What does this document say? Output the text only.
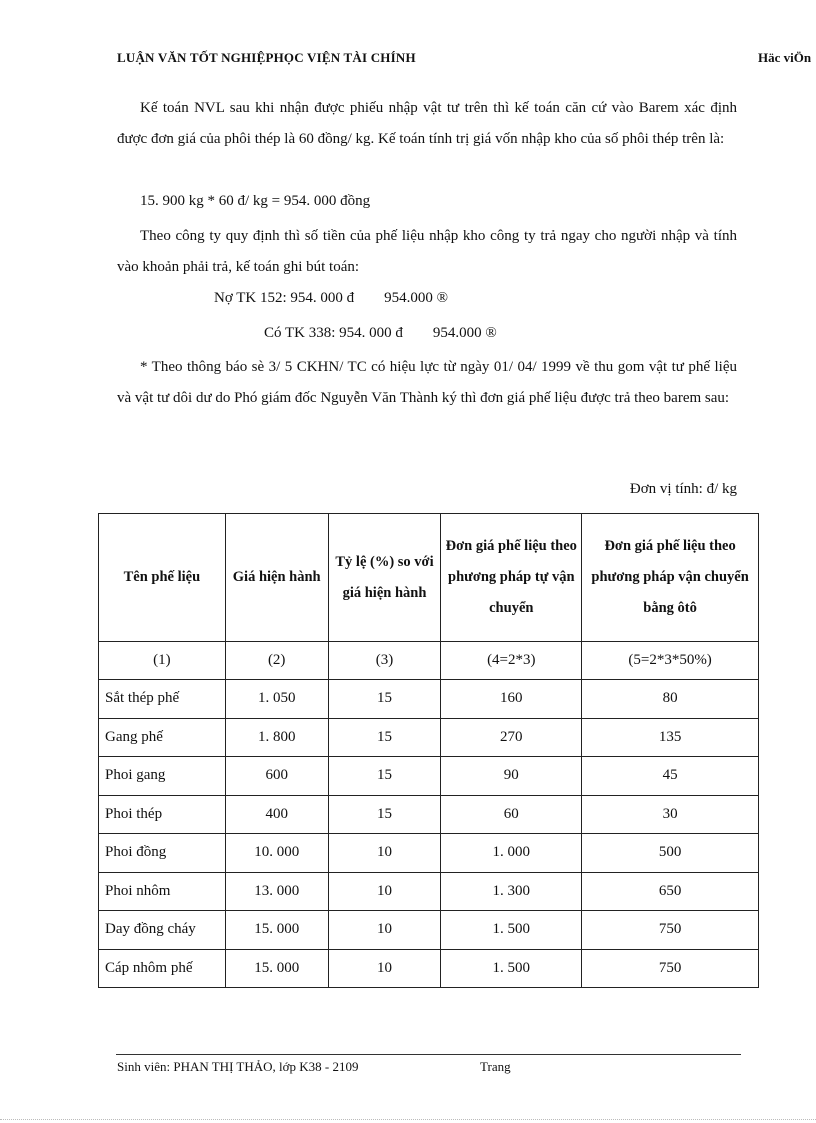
LUẬN VĂN TỐT NGHIỆPHỌC VIỆN TÀI CHÍNH	Häc viÖn

Kế toán NVL sau khi nhận được phiếu nhập vật tư trên thì kế toán căn cứ vào Barem xác định được đơn giá của phôi thép là 60 đồng/ kg. Kế toán tính trị giá vốn nhập kho của số phôi thép trên là:

15. 900 kg * 60 đ/ kg = 954. 000 đồng

Theo công ty quy định thì số tiền của phế liệu nhập kho công ty trả ngay cho người nhập và tính vào khoản phải trả, kế toán ghi bút toán:

Nợ TK 152: 954. 000 đ        954.000 ®

Có TK 338: 954. 000 đ        954.000 ®

* Theo thông báo sè 3/ 5 CKHN/ TC có hiệu lực từ ngày 01/ 04/ 1999 về thu gom vật tư phế liệu và vật tư dôi dư do Phó giám đốc Nguyễn Văn Thành ký thì đơn giá phế liệu được trả theo barem sau:

Đơn vị tính: đ/ kg
Tên phế liệu	Giá hiện hành	Tỷ lệ (%) so với giá hiện hành	Đơn giá phế liệu theo phương pháp tự vận chuyển	Đơn giá phế liệu theo phương pháp vận chuyển bằng ôtô
(1)	(2)	(3)	(4=2*3)	(5=2*3*50%)
Sắt thép phế	1. 050	15	160	80
Gang phế	1. 800	15	270	135
Phoi gang	600	15	90	45
Phoi thép	400	15	60	30
Phoi đồng	10. 000	10	1. 000	500
Phoi nhôm	13. 000	10	1. 300	650
Day đồng cháy	15. 000	10	1. 500	750
Cáp nhôm phế	15. 000	10	1. 500	750
Sinh viên: PHAN THỊ THẢO, lớp K38 - 2109	Trang
